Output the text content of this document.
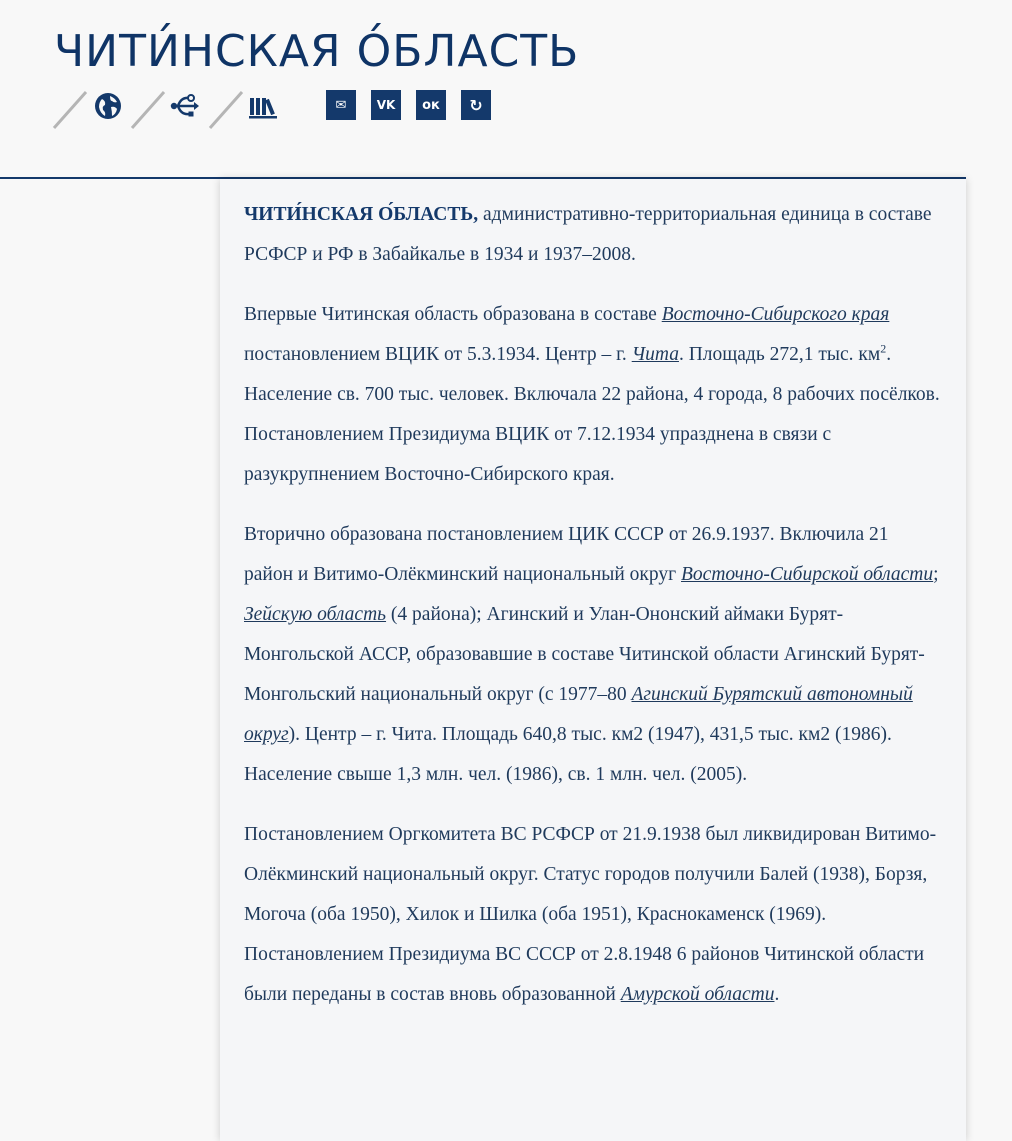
ЧИТИ́НСКАЯ О́БЛАСТЬ
✉	VK	ок	↻

ЧИТИ́НСКАЯ О́БЛАСТЬ, административно-территориальная единица в составе РСФСР и РФ в Забайкалье в 1934 и 1937–2008.

Впервые Читинская область образована в составе Восточно-Сибирского края постановлением ВЦИК от 5.3.1934. Центр – г. Чита. Площадь 272,1 тыс. $км^2$. Население св. 700 тыс. человек. Включала 22 района, 4 города, 8 рабочих посёлков. Постановлением Президиума ВЦИК от 7.12.1934 упразднена в связи с разукрупнением Восточно-Сибирского края.

Вторично образована постановлением ЦИК СССР от 26.9.1937. Включила 21 район и Витимо-Олёкминский национальный округ Восточно-Сибирской области; Зейскую область (4 района); Агинский и Улан-Ононский аймаки Бурят-Монгольской АССР, образовавшие в составе Читинской области Агинский Бурят-Монгольский национальный округ (с 1977–80 Агинский Бурятский автономный округ). Центр – г. Чита. Площадь 640,8 тыс. км2 (1947), 431,5 тыс. км2 (1986). Население свыше 1,3 млн. чел. (1986), св. 1 млн. чел. (2005).

Постановлением Оргкомитета ВС РСФСР от 21.9.1938 был ликвидирован Витимо-Олёкминский национальный округ. Статус городов получили Балей (1938), Борзя, Могоча (оба 1950), Хилок и Шилка (оба 1951), Краснокаменск (1969). Постановлением Президиума ВС СССР от 2.8.1948 6 районов Читинской области были переданы в состав вновь образованной Амурской области.
